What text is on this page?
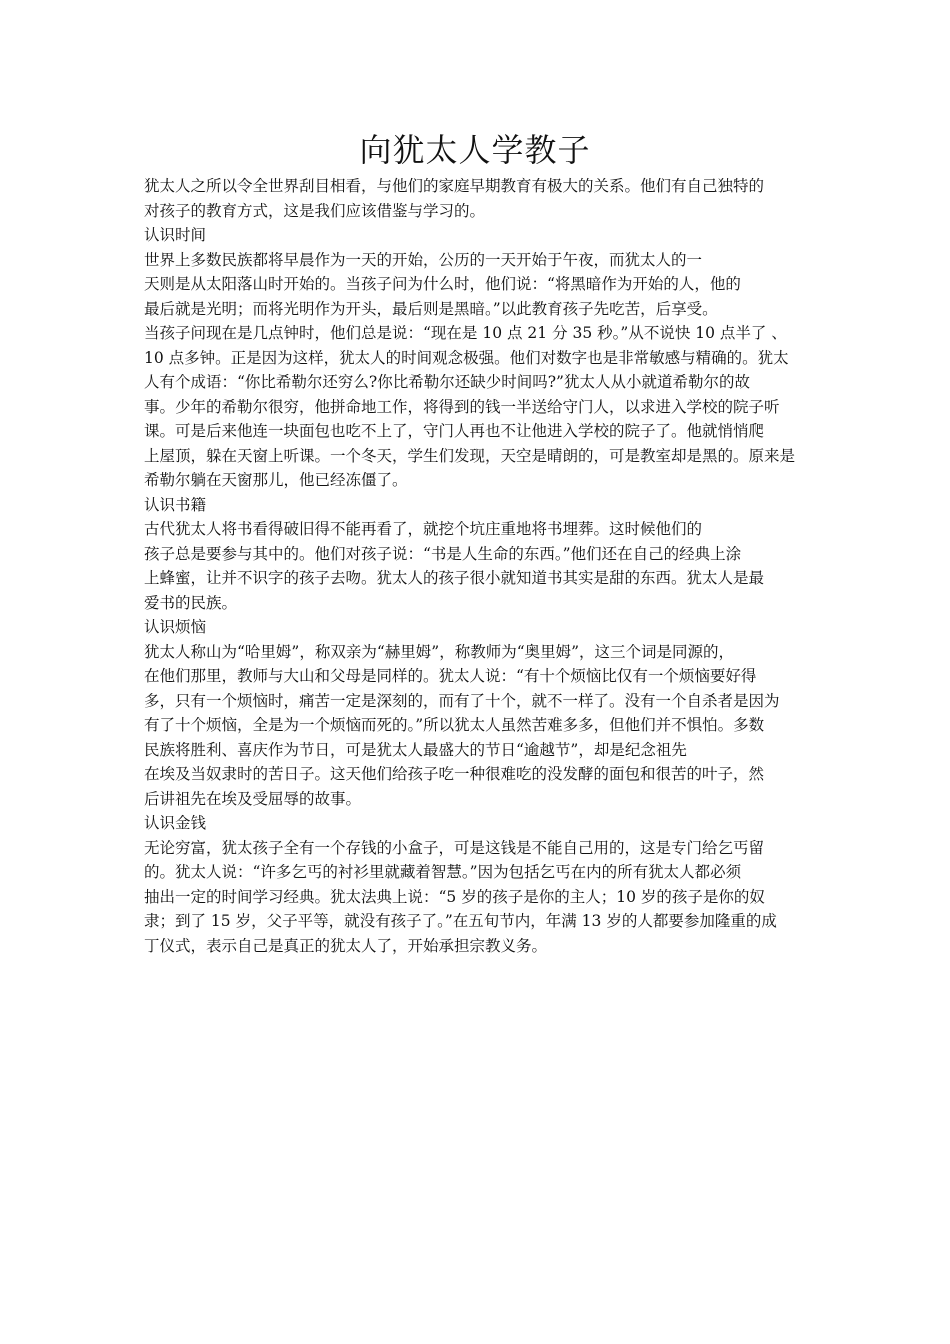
向犹太人学教子
犹太人之所以令全世界刮目相看，与他们的家庭早期教育有极大的关系。他们有自己独特的
对孩子的教育方式，这是我们应该借鉴与学习的。
认识时间
世界上多数民族都将早晨作为一天的开始，公历的一天开始于午夜，而犹太人的一
天则是从太阳落山时开始的。当孩子问为什么时，他们说：“将黑暗作为开始的人，他的
最后就是光明；而将光明作为开头，最后则是黑暗。”以此教育孩子先吃苦，后享受。
当孩子问现在是几点钟时，他们总是说：“现在是 10 点 21 分 35 秒。”从不说快 10 点半了 、
10 点多钟。正是因为这样，犹太人的时间观念极强。他们对数字也是非常敏感与精确的。犹太
人有个成语：“你比希勒尔还穷么?你比希勒尔还缺少时间吗?”犹太人从小就道希勒尔的故
事。少年的希勒尔很穷，他拼命地工作，将得到的钱一半送给守门人，以求进入学校的院子听
课。可是后来他连一块面包也吃不上了，守门人再也不让他进入学校的院子了。他就悄悄爬
上屋顶，躲在天窗上听课。一个冬天，学生们发现，天空是晴朗的，可是教室却是黑的。原来是
希勒尔躺在天窗那儿，他已经冻僵了。
认识书籍
古代犹太人将书看得破旧得不能再看了，就挖个坑庄重地将书埋葬。这时候他们的
孩子总是要参与其中的。他们对孩子说：“书是人生命的东西。”他们还在自己的经典上涂
上蜂蜜，让并不识字的孩子去吻。犹太人的孩子很小就知道书其实是甜的东西。犹太人是最
爱书的民族。
认识烦恼
犹太人称山为“哈里姆”，称双亲为“赫里姆”，称教师为“奥里姆”，这三个词是同源的，
在他们那里，教师与大山和父母是同样的。犹太人说：“有十个烦恼比仅有一个烦恼要好得
多，只有一个烦恼时，痛苦一定是深刻的，而有了十个，就不一样了。没有一个自杀者是因为
有了十个烦恼，全是为一个烦恼而死的。”所以犹太人虽然苦难多多，但他们并不惧怕。多数
民族将胜利、喜庆作为节日，可是犹太人最盛大的节日“逾越节”，却是纪念祖先
在埃及当奴隶时的苦日子。这天他们给孩子吃一种很难吃的没发酵的面包和很苦的叶子，然
后讲祖先在埃及受屈辱的故事。
认识金钱
无论穷富，犹太孩子全有一个存钱的小盒子，可是这钱是不能自己用的，这是专门给乞丐留
的。犹太人说：“许多乞丐的衬衫里就藏着智慧。”因为包括乞丐在内的所有犹太人都必须
抽出一定的时间学习经典。犹太法典上说：“5 岁的孩子是你的主人；10 岁的孩子是你的奴
隶；到了 15 岁，父子平等，就没有孩子了。”在五旬节内，年满 13 岁的人都要参加隆重的成
丁仪式，表示自己是真正的犹太人了，开始承担宗教义务。
